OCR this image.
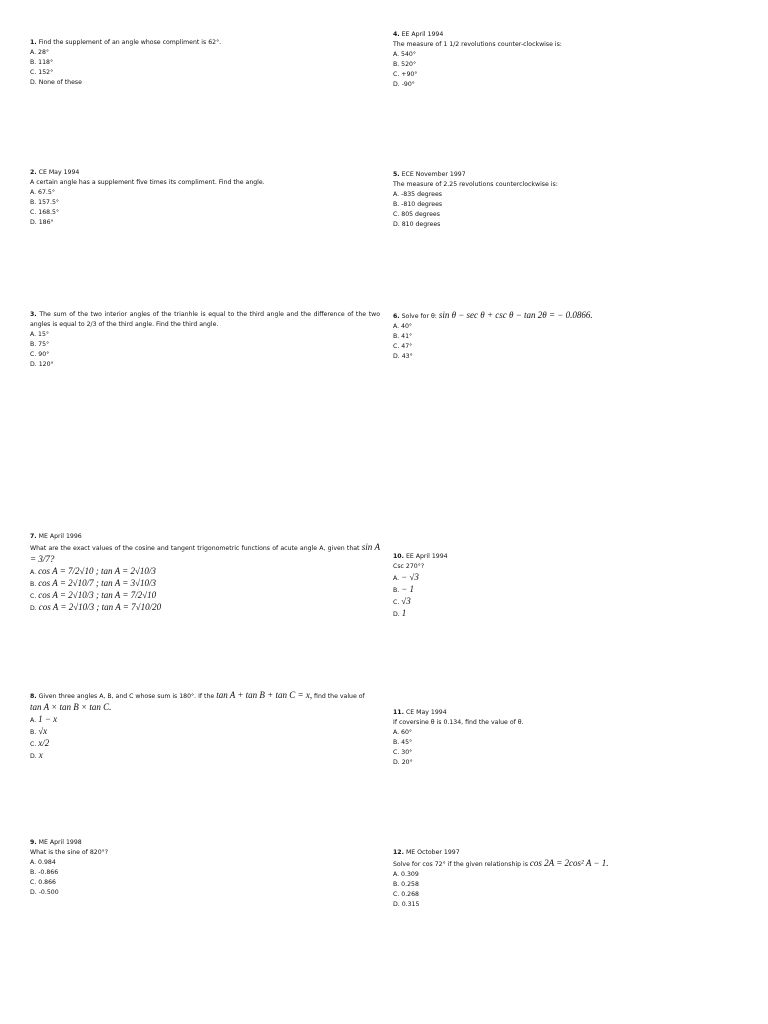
1. Find the supplement of an angle whose compliment is 62°.
A. 28°
B. 118°
C. 152°
D. None of these
2. CE May 1994
A certain angle has a supplement five times its compliment. Find the angle.
A. 67.5°
B. 157.5°
C. 168.5°
D. 186°
3. The sum of the two interior angles of the trianhle is equal to the third angle and the difference of the two angles is equal to 2/3 of the third angle. Find the third angle.
A. 15°
B. 75°
C. 90°
D. 120°
7. ME April 1996
What are the exact values of the cosine and tangent trigonometric functions of acute angle A, given that sin A = 3/7?
A. cos A = 7/2√10 ; tan A = 2√10/3
B. cos A = 2√10/7 ; tan A = 3√10/3
C. cos A = 2√10/3 ; tan A = 7/2√10
D. cos A = 2√10/3 ; tan A = 7√10/20
8. Given three angles A, B, and C whose sum is 180°. If the tan A + tan B + tan C = x, find the value of
tan A × tan B × tan C.
A. 1 − x
B. √x
C. x/2
D. x
9. ME April 1998
What is the sine of 820°?
A. 0.984
B. -0.866
C. 0.866
D. -0.500
4. EE April 1994
The measure of 1 1/2 revolutions counter-clockwise is:
A. 540°
B. 520°
C. +90°
D. -90°
5. ECE November 1997
The measure of 2.25 revolutions counterclockwise is:
A. -835 degrees
B. -810 degrees
C. 805 degrees
D. 810 degrees
6. Solve for θ: sin θ − sec θ + csc θ − tan 2θ = − 0.0866.
A. 40°
B. 41°
C. 47°
D. 43°
10. EE April 1994
Csc 270°?
A. − √3
B. − 1
C. √3
D. 1
11. CE May 1994
If coversine θ is 0.134, find the value of θ.
A. 60°
B. 45°
C. 30°
D. 20°
12. ME October 1997
Solve for cos 72° if the given relationship is cos 2A = 2cos² A − 1.
A. 0.309
B. 0.258
C. 0.268
D. 0.315
